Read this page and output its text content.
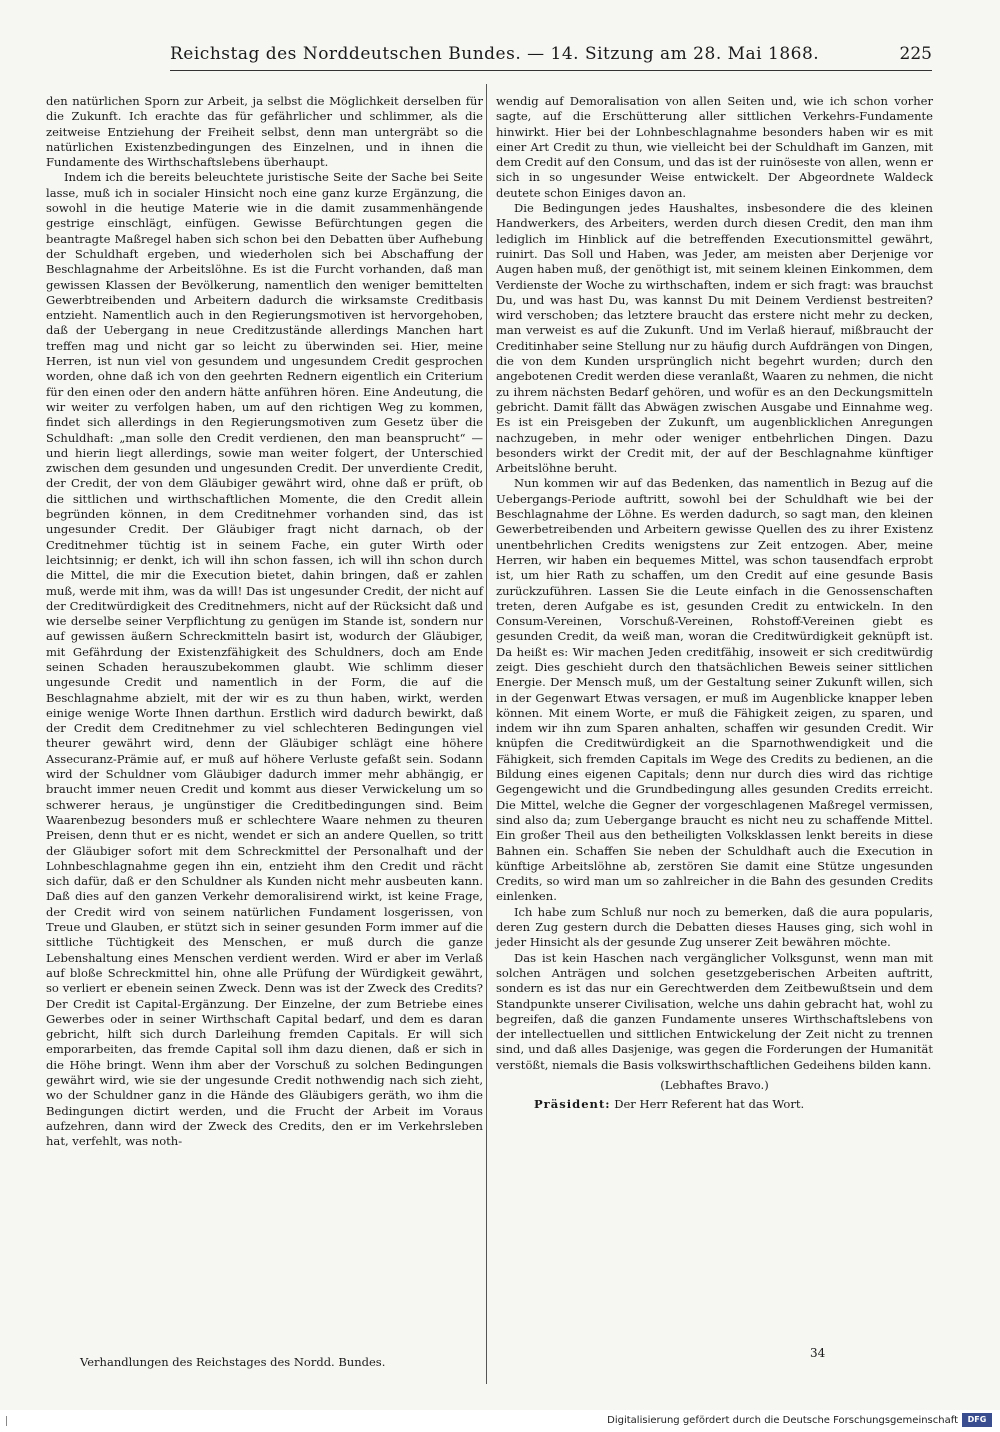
Reichstag des Norddeutschen Bundes. — 14. Sitzung am 28. Mai 1868.	225

den natürlichen Sporn zur Arbeit, ja selbst die Möglichkeit derselben für die Zukunft. Ich erachte das für gefährlicher und schlimmer, als die zeitweise Entziehung der Freiheit selbst, denn man untergräbt so die natürlichen Existenzbedingungen des Einzelnen, und in ihnen die Fundamente des Wirthschaftslebens überhaupt.

Indem ich die bereits beleuchtete juristische Seite der Sache bei Seite lasse, muß ich in socialer Hinsicht noch eine ganz kurze Ergänzung, die sowohl in die heutige Materie wie in die damit zusammenhängende gestrige einschlägt, einfügen. Gewisse Befürchtungen gegen die beantragte Maßregel haben sich schon bei den Debatten über Aufhebung der Schuldhaft ergeben, und wiederholen sich bei Abschaffung der Beschlagnahme der Arbeitslöhne. Es ist die Furcht vorhanden, daß man gewissen Klassen der Bevölkerung, namentlich den weniger bemittelten Gewerbtreibenden und Arbeitern dadurch die wirksamste Creditbasis entzieht. Namentlich auch in den Regierungsmotiven ist hervorgehoben, daß der Uebergang in neue Creditzustände allerdings Manchen hart treffen mag und nicht gar so leicht zu überwinden sei. Hier, meine Herren, ist nun viel von gesundem und ungesundem Credit gesprochen worden, ohne daß ich von den geehrten Rednern eigentlich ein Criterium für den einen oder den andern hätte anführen hören. Eine Andeutung, die wir weiter zu verfolgen haben, um auf den richtigen Weg zu kommen, findet sich allerdings in den Regierungsmotiven zum Gesetz über die Schuldhaft: „man solle den Credit verdienen, den man beansprucht“ — und hierin liegt allerdings, sowie man weiter folgert, der Unterschied zwischen dem gesunden und ungesunden Credit. Der unverdiente Credit, der Credit, der von dem Gläubiger gewährt wird, ohne daß er prüft, ob die sittlichen und wirthschaftlichen Momente, die den Credit allein begründen können, in dem Creditnehmer vorhanden sind, das ist ungesunder Credit. Der Gläubiger fragt nicht darnach, ob der Creditnehmer tüchtig ist in seinem Fache, ein guter Wirth oder leichtsinnig; er denkt, ich will ihn schon fassen, ich will ihn schon durch die Mittel, die mir die Execution bietet, dahin bringen, daß er zahlen muß, werde mit ihm, was da will! Das ist ungesunder Credit, der nicht auf der Creditwürdigkeit des Creditnehmers, nicht auf der Rücksicht daß und wie derselbe seiner Verpflichtung zu genügen im Stande ist, sondern nur auf gewissen äußern Schreckmitteln basirt ist, wodurch der Gläubiger, mit Gefährdung der Existenzfähigkeit des Schuldners, doch am Ende seinen Schaden herauszubekommen glaubt. Wie schlimm dieser ungesunde Credit und namentlich in der Form, die auf die Beschlagnahme abzielt, mit der wir es zu thun haben, wirkt, werden einige wenige Worte Ihnen darthun. Erstlich wird dadurch bewirkt, daß der Credit dem Creditnehmer zu viel schlechteren Bedingungen viel theurer gewährt wird, denn der Gläubiger schlägt eine höhere Assecuranz-Prämie auf, er muß auf höhere Verluste gefaßt sein. Sodann wird der Schuldner vom Gläubiger dadurch immer mehr abhängig, er braucht immer neuen Credit und kommt aus dieser Verwickelung um so schwerer heraus, je ungünstiger die Creditbedingungen sind. Beim Waarenbezug besonders muß er schlechtere Waare nehmen zu theuren Preisen, denn thut er es nicht, wendet er sich an andere Quellen, so tritt der Gläubiger sofort mit dem Schreckmittel der Personalhaft und der Lohnbeschlagnahme gegen ihn ein, entzieht ihm den Credit und rächt sich dafür, daß er den Schuldner als Kunden nicht mehr ausbeuten kann. Daß dies auf den ganzen Verkehr demoralisirend wirkt, ist keine Frage, der Credit wird von seinem natürlichen Fundament losgerissen, von Treue und Glauben, er stützt sich in seiner gesunden Form immer auf die sittliche Tüchtigkeit des Menschen, er muß durch die ganze Lebenshaltung eines Menschen verdient werden. Wird er aber im Verlaß auf bloße Schreckmittel hin, ohne alle Prüfung der Würdigkeit gewährt, so verliert er ebenein seinen Zweck. Denn was ist der Zweck des Credits? Der Credit ist Capital-Ergänzung. Der Einzelne, der zum Betriebe eines Gewerbes oder in seiner Wirthschaft Capital bedarf, und dem es daran gebricht, hilft sich durch Darleihung fremden Capitals. Er will sich emporarbeiten, das fremde Capital soll ihm dazu dienen, daß er sich in die Höhe bringt. Wenn ihm aber der Vorschuß zu solchen Bedingungen gewährt wird, wie sie der ungesunde Credit nothwendig nach sich zieht, wo der Schuldner ganz in die Hände des Gläubigers geräth, wo ihm die Bedingungen dictirt werden, und die Frucht der Arbeit im Voraus aufzehren, dann wird der Zweck des Credits, den er im Verkehrsleben hat, verfehlt, was noth-

Verhandlungen des Reichstages des Nordd. Bundes.

wendig auf Demoralisation von allen Seiten und, wie ich schon vorher sagte, auf die Erschütterung aller sittlichen Verkehrs-Fundamente hinwirkt. Hier bei der Lohnbeschlagnahme besonders haben wir es mit einer Art Credit zu thun, wie vielleicht bei der Schuldhaft im Ganzen, mit dem Credit auf den Consum, und das ist der ruinöseste von allen, wenn er sich in so ungesunder Weise entwickelt. Der Abgeordnete Waldeck deutete schon Einiges davon an.

Die Bedingungen jedes Haushaltes, insbesondere die des kleinen Handwerkers, des Arbeiters, werden durch diesen Credit, den man ihm lediglich im Hinblick auf die betreffenden Executionsmittel gewährt, ruinirt. Das Soll und Haben, was Jeder, am meisten aber Derjenige vor Augen haben muß, der genöthigt ist, mit seinem kleinen Einkommen, dem Verdienste der Woche zu wirthschaften, indem er sich fragt: was brauchst Du, und was hast Du, was kannst Du mit Deinem Verdienst bestreiten? wird verschoben; das letztere braucht das erstere nicht mehr zu decken, man verweist es auf die Zukunft. Und im Verlaß hierauf, mißbraucht der Creditinhaber seine Stellung nur zu häufig durch Aufdrängen von Dingen, die von dem Kunden ursprünglich nicht begehrt wurden; durch den angebotenen Credit werden diese veranlaßt, Waaren zu nehmen, die nicht zu ihrem nächsten Bedarf gehören, und wofür es an den Deckungsmitteln gebricht. Damit fällt das Abwägen zwischen Ausgabe und Einnahme weg. Es ist ein Preisgeben der Zukunft, um augenblicklichen Anregungen nachzugeben, in mehr oder weniger entbehrlichen Dingen. Dazu besonders wirkt der Credit mit, der auf der Beschlagnahme künftiger Arbeitslöhne beruht.

Nun kommen wir auf das Bedenken, das namentlich in Bezug auf die Uebergangs-Periode auftritt, sowohl bei der Schuldhaft wie bei der Beschlagnahme der Löhne. Es werden dadurch, so sagt man, den kleinen Gewerbetreibenden und Arbeitern gewisse Quellen des zu ihrer Existenz unentbehrlichen Credits wenigstens zur Zeit entzogen. Aber, meine Herren, wir haben ein bequemes Mittel, was schon tausendfach erprobt ist, um hier Rath zu schaffen, um den Credit auf eine gesunde Basis zurückzuführen. Lassen Sie die Leute einfach in die Genossenschaften treten, deren Aufgabe es ist, gesunden Credit zu entwickeln. In den Consum-Vereinen, Vorschuß-Vereinen, Rohstoff-Vereinen giebt es gesunden Credit, da weiß man, woran die Creditwürdigkeit geknüpft ist. Da heißt es: Wir machen Jeden creditfähig, insoweit er sich creditwürdig zeigt. Dies geschieht durch den thatsächlichen Beweis seiner sittlichen Energie. Der Mensch muß, um der Gestaltung seiner Zukunft willen, sich in der Gegenwart Etwas versagen, er muß im Augenblicke knapper leben können. Mit einem Worte, er muß die Fähigkeit zeigen, zu sparen, und indem wir ihn zum Sparen anhalten, schaffen wir gesunden Credit. Wir knüpfen die Creditwürdigkeit an die Sparnothwendigkeit und die Fähigkeit, sich fremden Capitals im Wege des Credits zu bedienen, an die Bildung eines eigenen Capitals; denn nur durch dies wird das richtige Gegengewicht und die Grundbedingung alles gesunden Credits erreicht. Die Mittel, welche die Gegner der vorgeschlagenen Maßregel vermissen, sind also da; zum Uebergange braucht es nicht neu zu schaffende Mittel. Ein großer Theil aus den betheiligten Volksklassen lenkt bereits in diese Bahnen ein. Schaffen Sie neben der Schuldhaft auch die Execution in künftige Arbeitslöhne ab, zerstören Sie damit eine Stütze ungesunden Credits, so wird man um so zahlreicher in die Bahn des gesunden Credits einlenken.

Ich habe zum Schluß nur noch zu bemerken, daß die aura popularis, deren Zug gestern durch die Debatten dieses Hauses ging, sich wohl in jeder Hinsicht als der gesunde Zug unserer Zeit bewähren möchte.

Das ist kein Haschen nach vergänglicher Volksgunst, wenn man mit solchen Anträgen und solchen gesetzgeberischen Arbeiten auftritt, sondern es ist das nur ein Gerechtwerden dem Zeitbewußtsein und dem Standpunkte unserer Civilisation, welche uns dahin gebracht hat, wohl zu begreifen, daß die ganzen Fundamente unseres Wirthschaftslebens von der intellectuellen und sittlichen Entwickelung der Zeit nicht zu trennen sind, und daß alles Dasjenige, was gegen die Forderungen der Humanität verstößt, niemals die Basis volkswirthschaftlichen Gedeihens bilden kann.

(Lebhaftes Bravo.)

Präsident: Der Herr Referent hat das Wort.

34
Digitalisierung gefördert durch die Deutsche Forschungsgemeinschaft	DFG
